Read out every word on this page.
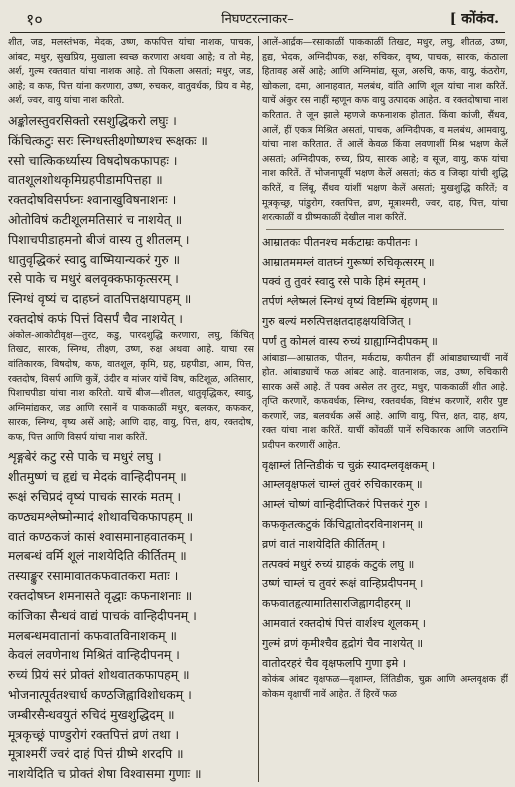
१०	निघण्टरत्नाकर–	[ कोंकंव.

शीत, जड, मलस्तंभक, मेदक, उष्ण, कफपित्त यांचा नाशक, पाचक, आंबट, मधुर, सुखप्रिय, मुखाला स्वच्छ करणारा अथवा आहे; व तो मेह, अर्श, गुल्म रक्तवात यांचा नाशक आहे. तो पिकला असतां; मधुर, जड, आहे; व कफ, पित्त यांना करणारा, उष्ण, रुचकर, वातुवर्धक, प्रिय व मेह, अर्श, ज्वर, वायु यांचा नाश करितो.

अङ्कोलस्तुवरसिक्तो रसशुद्धिकरो लघुः ।

किंचित्कटुः सरः स्निग्धस्तीक्ष्णोष्णश्च रूक्षकः ॥

रसो चात्किकर्ध्यास्य विषदोषकफापहः ।

वातशूलशोथकृमिग्रहपीडामपित्तहा ॥

रक्तदोषविसर्पघ्नः श्वानाखुविषनाशनः ।

ओतोविषं कटीशूलमतिसारं च नाशयेत् ॥

पिशाचपीडाहमनो बीजं वास्य तु शीतलम् ।

धातुवृद्धिकरं स्वादु वाष्मियान्यकरं गुरु ॥

रसे पाके च मधुरं बलवृक्कफाकृत्सरम् ।

स्निग्धं वृष्यं च दाहघ्नं वातपित्तक्षयापहम् ॥

रक्तदोषं कफं पित्तं विसर्पं चैव नाशयेत् ।

अंकोल-आकोटीवृक्ष—तुरट, कडु, पारदशुद्धि करणारा, लघु, किंचित् तिखट, सारक, स्निग्ध, तीक्ष्ण, उष्ण, रुक्ष अथवा आहे. याचा रस वांतिकारक, विषदोष, कफ, वातशूल, कृमि, ग्रह, ग्रहपीडा, आम, पित्त, रक्तदोष, विसर्प आणि कुत्रें, उंदीर व मांजर यांचें विष, कटिशूळ, अतिसार, पिशाचपीडा यांचा नाश करितो. याचें बीज—शीतल, धातुवृद्धिकर, स्वादु, अग्निमांद्यकर, जड आणि रसानें व पाककाळीं मधुर, बलकर, कफकर, सारक, स्निग्ध, वृष्य असें आहे; आणि दाह, वायु, पित्त, क्षय, रक्तदोष, कफ, पित्त आणि विसर्प यांचा नाश करितें.

शृङ्गबेरं कटु रसे पाके च मधुरं लघु ।

शीतमुष्णं च हृद्यं च मेदकं वान्हिदीपनम् ॥

रूक्षं रुचिप्रदं वृष्यं पाचकं सारकं मतम् ।

कण्ठ्यमश्लेष्मोन्मादं शोथावचिकफापहम् ॥

वातं कण्ठकजं कासं श्वासमानाहवातकम् ।

मलबन्धं वर्मि शूलं नाशयेदिति कीर्तितम् ॥

तस्याङ्कुर रसामावातकफवातकरा मताः ।

रक्तदोषघ्न शमनासते वृद्धाः कफनाशनाः ॥

कांजिका सैन्धवं वाद्यं पाचकं वान्हिदीपनम् ।

मलबन्धमवातानां कफवातविनाशकम् ॥

केवलं लवणेनाथ मिश्रितं वान्हिदीपनम् ।

रुच्यं प्रियं सरं प्रोक्तं शोथवातकफापहम् ॥

भोजनात्पूर्वतश्चार्ध कण्ठजिह्वाविशोधकम् ।

जम्बीरसैन्धवयुतं रुचिदं मुखशुद्धिदम् ॥

मूत्रकृच्छ्रं पाण्डुरोगं रक्तपित्तं व्रणं तथा ।

मूत्राश्मरीं ज्वरं दाहं पित्तं ग्रीष्मे शरदपि ॥

नाशयेदिति च प्रोक्तं शेषा विश्वासमा गुणाः ॥

आलें-आर्द्रक—रसाकाळीं पाककाळीं तिखट, मधुर, लघु, शीतळ, उष्ण, हृद्य, भेदक, अग्निदीपक, रुक्ष, रुचिकर, वृष्य, पाचक, सारक, कंठाला हितावह असें आहे; आणि अग्निमांद्य, सूज, अरुचि, कफ, वायु, कंठरोग, खोकला, दमा, आनाहवात, मलबंध, वांति आणि शूल यांचा नाश करितें. याचें अंकुर रस नाहीं म्हणून कफ वायु उत्पादक आहेत. व रक्तदोषाचा नाश करितात. ते जून झाले म्हणजे कफनाशक होतात. किंवा कांजी, सैंधव, आलें, हीं एकत्र मिश्रित असतां, पाचक, अग्निदीपक, व मलबंध, आमवायु, यांचा नाश करितात. तें आलें केवळ किंवा लवणाशीं मिश्र भक्षण केलें असतां; अग्निदीपक, रुच्य, प्रिय, सारक आहे; व सूज, वायु, कफ यांचा नाश करितें. तें भोजनापूर्वी भक्षण केलें असतां; कंठ व जिव्हा यांची शुद्धि करितें, व लिंबू, सैंधव यांशीं भक्षण केलें असतां; मुखशुद्धि करितें; व मूत्रकृच्छ्र, पांडुरोग, रक्तपित्त, व्रण, मूत्राश्मरी, ज्वर, दाह, पित्त, यांचा शरत्काळीं व ग्रीष्मकाळीं देखील नाश करितें.

आम्रातकः पीतनश्च मर्कटाम्रः कपीतनः ।

आम्रातममम्लं वातघ्नं गुरूष्णं रुचिकृत्सरम् ॥

पक्वं तु तुवरं स्वादु रसे पाके हिमं स्मृतम् ।

तर्पणं श्लेष्मलं स्निग्धं वृष्यं विष्टम्भि बृंहणम् ॥

गुरु बल्यं मरुत्पित्तक्षतदाहक्षयविजित् ।

पर्णं तु कोमलं वास्य रुच्यं ग्राह्याग्निदीपकम् ॥

आंबाडा—आम्रातक, पीतन, मर्कटाम्र, कपीतन हीं आंबाड्याच्याचीं नावें होत. आंबाड्याचें फळ आंबट आहे. वातनाशक, जड, उष्ण, रुचिकारी सारक असें आहे. तें पक्व असेल तर तुरट, मधुर, पाककाळीं शीत आहे. तृप्ति करणारें, कफवर्धक, स्निग्ध, रक्तवर्धक, विष्टंभ करणारें, शरीर पुष्ट करणारें, जड, बलवर्धक असें आहे. आणि वायु, पित्त, क्षत, दाह, क्षय, रक्त यांचा नाश करितें. याचीं कोंवळीं पानें रुचिकारक आणि जठराग्नि प्रदीपन करणारीं आहेत.

वृक्षाम्लं तिन्तिडीकं च चुक्रं स्यादम्लवृक्षकम् ।

आम्लवृक्षफलं चाम्लं तुवरं रुचिकारकम् ॥

आम्लं चोष्णं वान्हिदीप्तिकरं पित्तकरं गुरु ।

कफकृतत्कटुकं किंचिद्वातोदरविनाशनम् ॥

व्रणं वातं नाशयेदिति कीर्तितम् ।

तत्पक्वं मधुरं रुच्यं ग्राहकं कटुकं लघु ॥

उष्णं चाम्लं च तुवरं रूक्षं वान्हिप्रदीपनम् ।

कफवातहृत्यामातिसारजिह्वागदीहरम् ॥

आमवातं रक्तदोषं पित्तं वार्शश्च शूलकम् ।

गुल्मं व्रणं कृमीश्चैव हृद्रोगं चैव नाशयेत् ॥

वातोदरहरं चैव वृक्षफलपि गुणा इमे ।

कोकंब आंबट वृक्षफळ—वृक्षाम्ल, तिंतिडीक, चुक्र आणि अम्लवृक्षक हीं कोकम वृक्षाचीं नावें आहेत. तें हिरवें फळ
